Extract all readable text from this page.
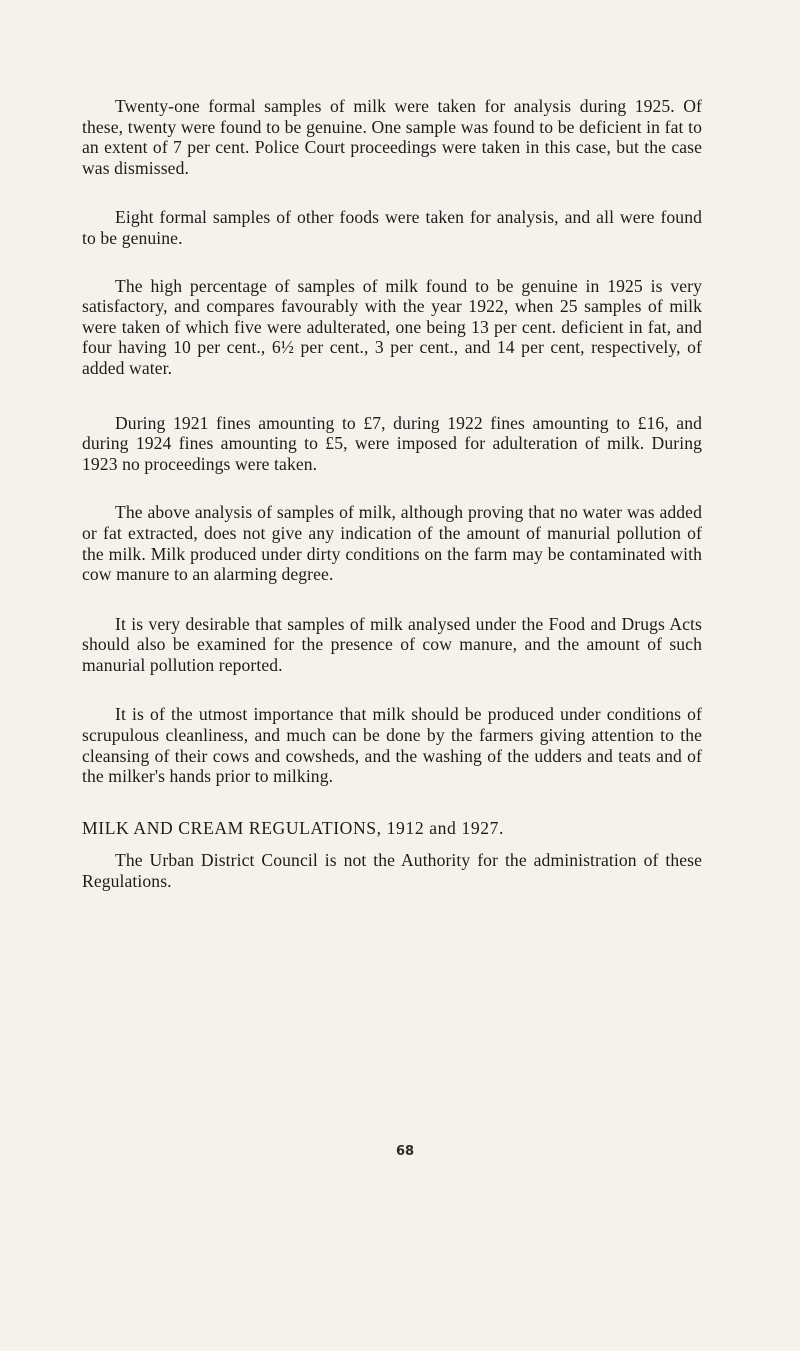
Twenty-one formal samples of milk were taken for analysis during 1925. Of these, twenty were found to be genuine. One sample was found to be deficient in fat to an extent of 7 per cent. Police Court proceedings were taken in this case, but the case was dismissed.

Eight formal samples of other foods were taken for analysis, and all were found to be genuine.

The high percentage of samples of milk found to be genuine in 1925 is very satisfactory, and compares favourably with the year 1922, when 25 samples of milk were taken of which five were adulterated, one being 13 per cent. deficient in fat, and four having 10 per cent., 6½ per cent., 3 per cent., and 14 per cent, respectively, of added water.

During 1921 fines amounting to £7, during 1922 fines amounting to £16, and during 1924 fines amounting to £5, were imposed for adulteration of milk. During 1923 no proceedings were taken.

The above analysis of samples of milk, although proving that no water was added or fat extracted, does not give any indication of the amount of manurial pollution of the milk. Milk produced under dirty conditions on the farm may be contaminated with cow manure to an alarming degree.

It is very desirable that samples of milk analysed under the Food and Drugs Acts should also be examined for the presence of cow manure, and the amount of such manurial pollution reported.

It is of the utmost importance that milk should be produced under conditions of scrupulous cleanliness, and much can be done by the farmers giving attention to the cleansing of their cows and cowsheds, and the washing of the udders and teats and of the milker's hands prior to milking.

MILK AND CREAM REGULATIONS, 1912 and 1927.

The Urban District Council is not the Authority for the administration of these Regulations.

68
